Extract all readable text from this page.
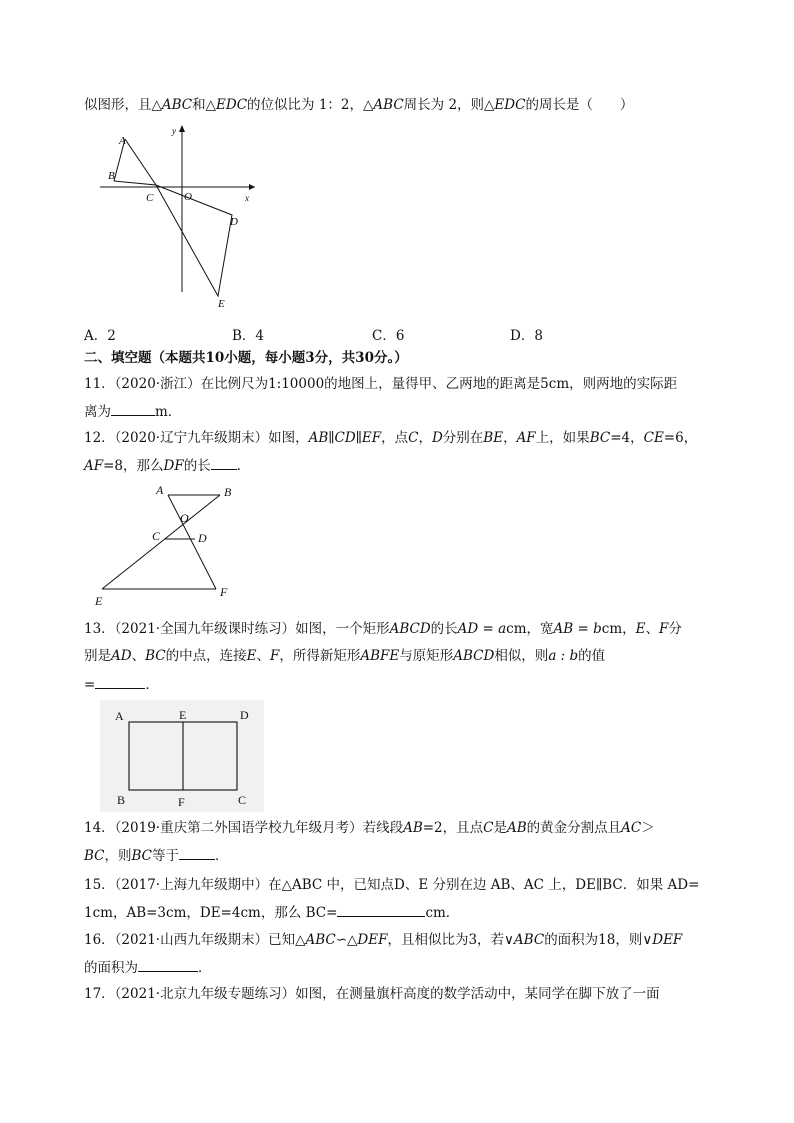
似图形，且△ABC和△EDC的位似比为 1：2，△ABC周长为 2，则△EDC的周长是（　　）
A
B
C	O
D
E
x
y
A．2	B．4	C．6	D．8
二、填空题（本题共10小题，每小题3分，共30分。）
11．（2020·浙江）在比例尺为1:10000的地图上，量得甲、乙两地的距离是5cm，则两地的实际距
离为	m．
12．（2020·辽宁九年级期末）如图，AB∥CD∥EF，点C，D分别在BE，AF上，如果BC=4，CE=6，
AF=8，那么DF的长 ．
A	B
O
C	D
E
F
13．（2021·全国九年级课时练习）如图，一个矩形ABCD的长AD = acm，宽AB = bcm，E、F分
别是AD、BC的中点，连接E、F，所得新矩形ABFE与原矩形ABCD相似，则a : b的值
=	．
A	E	D
B	F	C
14．（2019·重庆第二外国语学校九年级月考）若线段AB=2，且点C是AB的黄金分割点且AC＞
BC，则BC等于	．
15．（2017·上海九年级期中）在△ABC 中，已知点D、E 分别在边 AB、AC 上，DE∥BC．如果 AD=
1cm，AB=3cm，DE=4cm，那么 BC=	cm．
16．（2021·山西九年级期末）已知△ABC∽△DEF，且相似比为3，若∨ABC的面积为18，则∨DEF
的面积为	．
17．（2021·北京九年级专题练习）如图，在测量旗杆高度的数学活动中，某同学在脚下放了一面
